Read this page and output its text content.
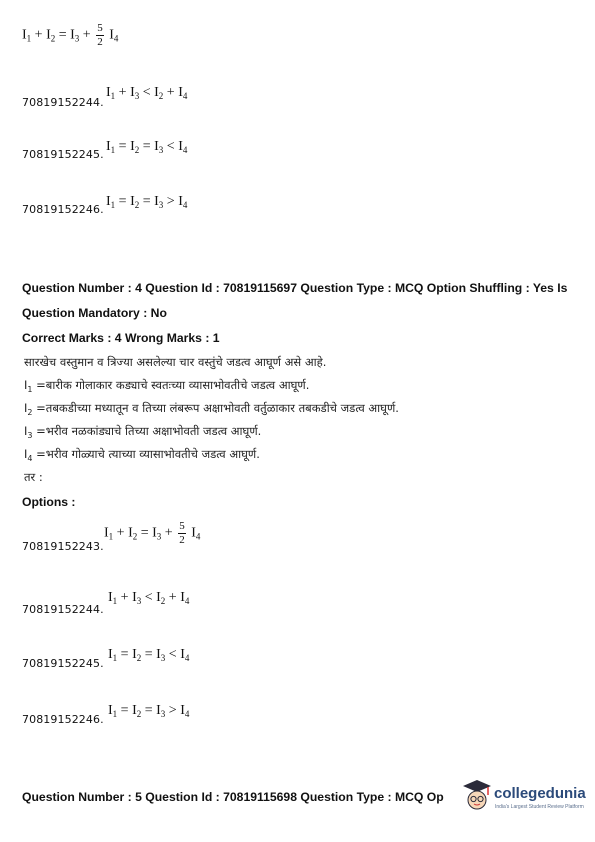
$I_1 + I_2 = I_3 + \frac{5}{2} I_4$
70819152244.
$I_1 + I_3 < I_2 + I_4$
70819152245.
$I_1 = I_2 = I_3 < I_4$
70819152246.
$I_1 = I_2 = I_3 > I_4$
Question Number : 4 Question Id : 70819115697 Question Type : MCQ Option Shuffling : Yes Is
Question Mandatory : No
Correct Marks : 4 Wrong Marks : 1
सारखेच वस्तुमान व त्रिज्या असलेल्या चार वस्तुंचे जडत्व आघूर्ण असे आहे.
$I_1$ =बारीक गोलाकार कड्याचे स्वतःच्या व्यासाभोवतीचे जडत्व आघूर्ण.
$I_2$ =तबकडीच्या मध्यातून व तिच्या लंबरूप अक्षाभोवती वर्तुळाकार तबकडीचे जडत्व आघूर्ण.
$I_3$ =भरीव नळकांड्याचे तिच्या अक्षाभोवती जडत्व आघूर्ण.
$I_4$ =भरीव गोळ्याचे त्याच्या व्यासाभोवतीचे जडत्व आघूर्ण.
तर :
Options :
70819152243.
$I_1 + I_2 = I_3 + \frac{5}{2} I_4$
70819152244.
$I_1 + I_3 < I_2 + I_4$
70819152245.
$I_1 = I_2 = I_3 < I_4$
70819152246.
$I_1 = I_2 = I_3 > I_4$
Question Number : 5 Question Id : 70819115698 Question Type : MCQ Op	collegedunia
India's Largest Student Review Platform
